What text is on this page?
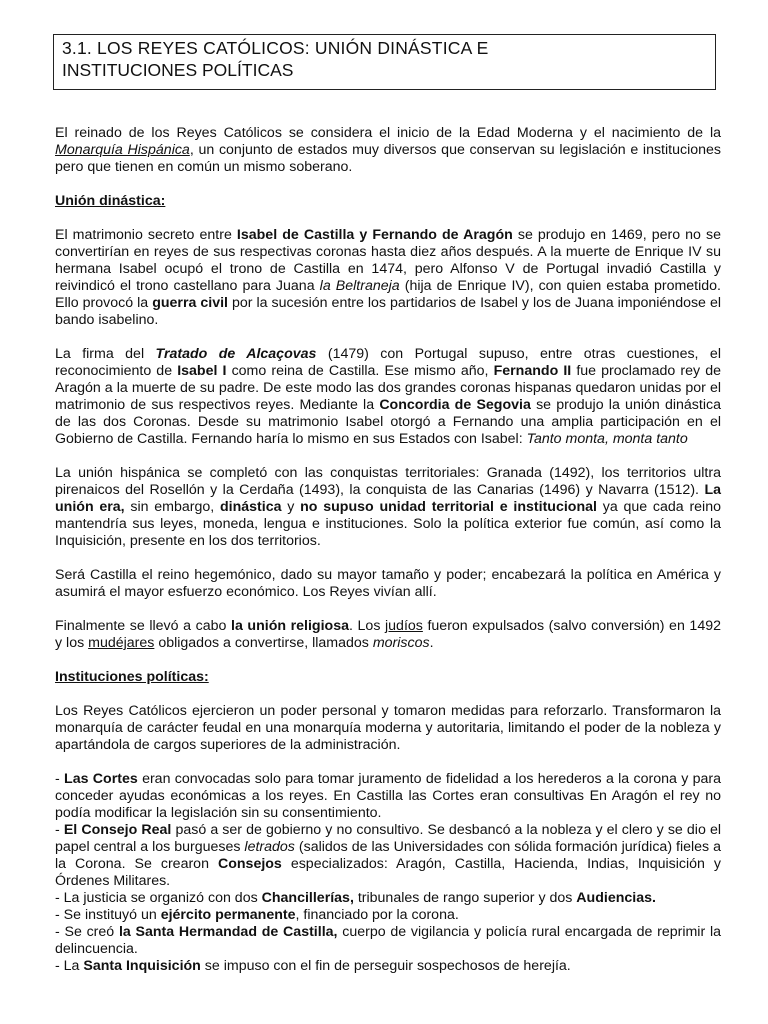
3.1. LOS REYES CATÓLICOS: UNIÓN DINÁSTICA E
INSTITUCIONES POLÍTICAS

El reinado de los Reyes Católicos se considera el inicio de la Edad Moderna y el nacimiento de la Monarquía Hispánica, un conjunto de estados muy diversos que conservan su legislación e instituciones pero que tienen en común un mismo soberano.

Unión dinástica:

El matrimonio secreto entre Isabel de Castilla y Fernando de Aragón se produjo en 1469, pero no se convertirían en reyes de sus respectivas coronas hasta diez años después. A la muerte de Enrique IV su hermana Isabel ocupó el trono de Castilla en 1474, pero Alfonso V de Portugal invadió Castilla y reivindicó el trono castellano para Juana la Beltraneja (hija de Enrique IV), con quien estaba prometido. Ello provocó la guerra civil por la sucesión entre los partidarios de Isabel y los de Juana imponiéndose el bando isabelino.

La firma del Tratado de Alcaçovas (1479) con Portugal supuso, entre otras cuestiones, el reconocimiento de Isabel I como reina de Castilla. Ese mismo año, Fernando II fue proclamado rey de Aragón a la muerte de su padre. De este modo las dos grandes coronas hispanas quedaron unidas por el matrimonio de sus respectivos reyes. Mediante la Concordia de Segovia se produjo la unión dinástica de las dos Coronas. Desde su matrimonio Isabel otorgó a Fernando una amplia participación en el Gobierno de Castilla. Fernando haría lo mismo en sus Estados con Isabel: Tanto monta, monta tanto

La unión hispánica se completó con las conquistas territoriales: Granada (1492), los territorios ultra pirenaicos del Rosellón y la Cerdaña (1493), la conquista de las Canarias (1496) y Navarra (1512). La unión era, sin embargo, dinástica y no supuso unidad territorial e institucional ya que cada reino mantendría sus leyes, moneda, lengua e instituciones. Solo la política exterior fue común, así como la Inquisición, presente en los dos territorios.

Será Castilla el reino hegemónico, dado su mayor tamaño y poder; encabezará la política en América y asumirá el mayor esfuerzo económico. Los Reyes vivían allí.

Finalmente se llevó a cabo la unión religiosa. Los judíos fueron expulsados (salvo conversión) en 1492 y los mudéjares obligados a convertirse, llamados moriscos.

Instituciones políticas:

Los Reyes Católicos ejercieron un poder personal y tomaron medidas para reforzarlo. Transformaron la monarquía de carácter feudal en una monarquía moderna y autoritaria, limitando el poder de la nobleza y apartándola de cargos superiores de la administración.

- Las Cortes eran convocadas solo para tomar juramento de fidelidad a los herederos a la corona y para conceder ayudas económicas a los reyes. En Castilla las Cortes eran consultivas En Aragón el rey no podía modificar la legislación sin su consentimiento.

- El Consejo Real pasó a ser de gobierno y no consultivo. Se desbancó a la nobleza y el clero y se dio el papel central a los burgueses letrados (salidos de las Universidades con sólida formación jurídica) fieles a la Corona. Se crearon Consejos especializados: Aragón, Castilla, Hacienda, Indias, Inquisición y Órdenes Militares.

- La justicia se organizó con dos Chancillerías, tribunales de rango superior y dos Audiencias.

- Se instituyó un ejército permanente, financiado por la corona.

- Se creó la Santa Hermandad de Castilla, cuerpo de vigilancia y policía rural encargada de reprimir la delincuencia.

- La Santa Inquisición se impuso con el fin de perseguir sospechosos de herejía.
